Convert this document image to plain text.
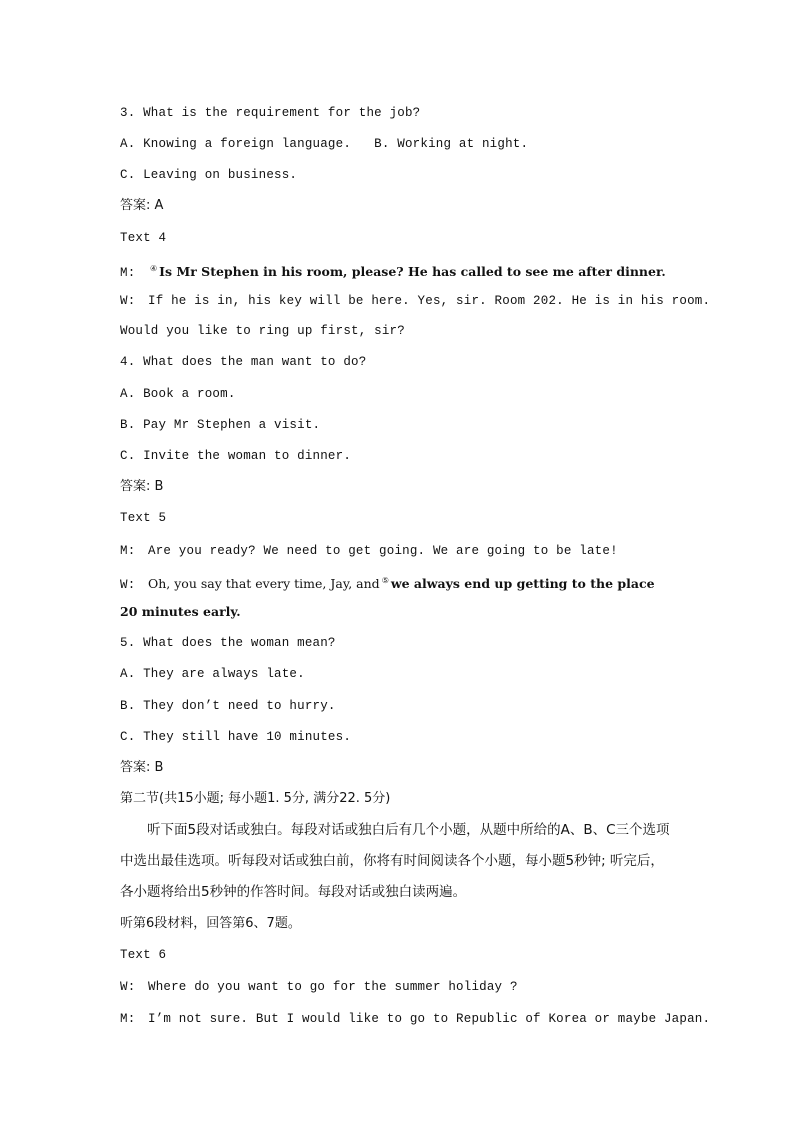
3. What is the requirement for the job?
A. Knowing a foreign language. B. Working at night.
C. Leaving on business.
答案: A
Text 4
M: ④ Is Mr Stephen in his room, please? He has called to see me after dinner.
W: If he is in, his key will be here. Yes, sir. Room 202. He is in his room.
Would you like to ring up first, sir?
4. What does the man want to do?
A. Book a room.
B. Pay Mr Stephen a visit.
C. Invite the woman to dinner.
答案: B
Text 5
M: Are you ready? We need to get going. We are going to be late!
W: Oh, you say that every time, Jay, and ⑤ we always end up getting to the place
20 minutes early.
5. What does the woman mean?
A. They are always late.
B. They don’t need to hurry.
C. They still have 10 minutes.
答案: B
第二节(共15小题; 每小题1. 5分, 满分22. 5分)
听下面5段对话或独白。每段对话或独白后有几个小题，从题中所给的A、B、C三个选项中选出最佳选项。听每段对话或独白前，你将有时间阅读各个小题，每小题5秒钟; 听完后，各小题将给出5秒钟的作答时间。每段对话或独白读两遍。
听第6段材料，回答第6、7题。
Text 6
W: Where do you want to go for the summer holiday ?
M: I’m not sure. But I would like to go to Republic of Korea or maybe Japan.
